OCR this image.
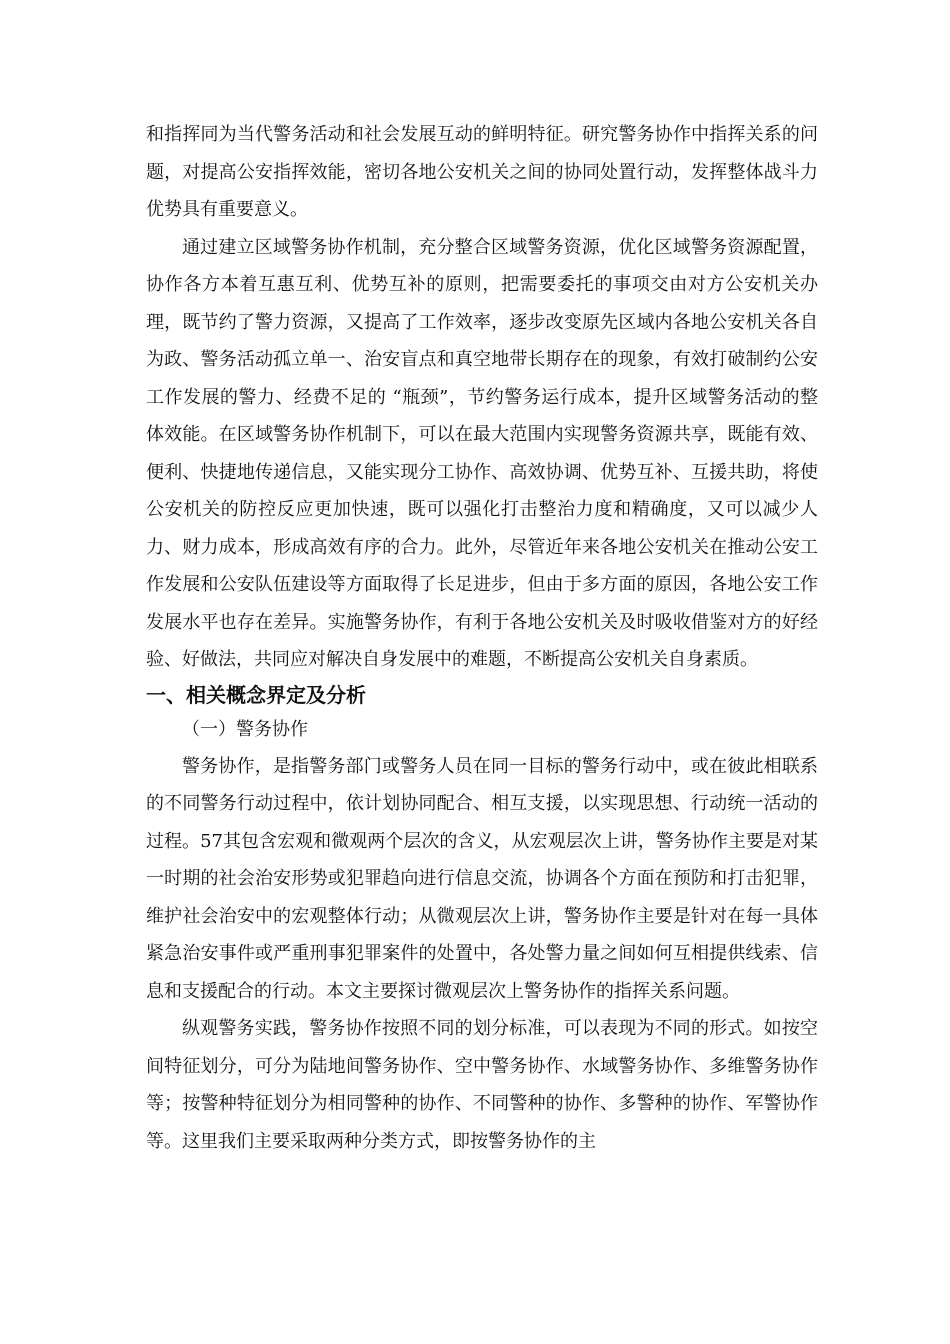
和指挥同为当代警务活动和社会发展互动的鲜明特征。研究警务协作中指挥关系的问题，对提高公安指挥效能，密切各地公安机关之间的协同处置行动，发挥整体战斗力优势具有重要意义。

通过建立区域警务协作机制，充分整合区域警务资源，优化区域警务资源配置，协作各方本着互惠互利、优势互补的原则，把需要委托的事项交由对方公安机关办理，既节约了警力资源，又提高了工作效率，逐步改变原先区域内各地公安机关各自为政、警务活动孤立单一、治安盲点和真空地带长期存在的现象，有效打破制约公安工作发展的警力、经费不足的 “瓶颈”，节约警务运行成本，提升区域警务活动的整体效能。在区域警务协作机制下，可以在最大范围内实现警务资源共享，既能有效、便利、快捷地传递信息，又能实现分工协作、高效协调、优势互补、互援共助，将使公安机关的防控反应更加快速，既可以强化打击整治力度和精确度，又可以减少人力、财力成本，形成高效有序的合力。此外，尽管近年来各地公安机关在推动公安工作发展和公安队伍建设等方面取得了长足进步，但由于多方面的原因，各地公安工作发展水平也存在差异。实施警务协作，有利于各地公安机关及时吸收借鉴对方的好经验、好做法，共同应对解决自身发展中的难题，不断提高公安机关自身素质。

一、相关概念界定及分析

（一）警务协作

警务协作，是指警务部门或警务人员在同一目标的警务行动中，或在彼此相联系的不同警务行动过程中，依计划协同配合、相互支援，以实现思想、行动统一活动的过程。57其包含宏观和微观两个层次的含义，从宏观层次上讲，警务协作主要是对某一时期的社会治安形势或犯罪趋向进行信息交流，协调各个方面在预防和打击犯罪，维护社会治安中的宏观整体行动；从微观层次上讲，警务协作主要是针对在每一具体紧急治安事件或严重刑事犯罪案件的处置中，各处警力量之间如何互相提供线索、信息和支援配合的行动。本文主要探讨微观层次上警务协作的指挥关系问题。

纵观警务实践，警务协作按照不同的划分标准，可以表现为不同的形式。如按空间特征划分，可分为陆地间警务协作、空中警务协作、水域警务协作、多维警务协作等；按警种特征划分为相同警种的协作、不同警种的协作、多警种的协作、军警协作等。这里我们主要采取两种分类方式，即按警务协作的主
